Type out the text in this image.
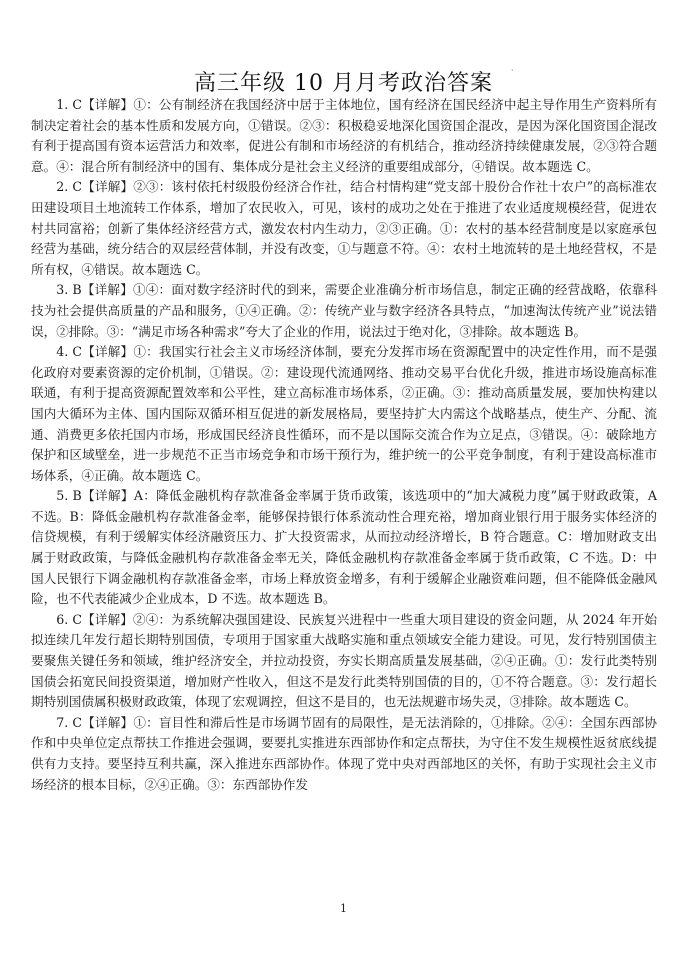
高三年级 10 月月考政治答案
·

1. C【详解】①：公有制经济在我国经济中居于主体地位，国有经济在国民经济中起主导作用生产资料所有制决定着社会的基本性质和发展方向，①错误。②③：积极稳妥地深化国资国企混改，是因为深化国资国企混改有利于提高国有资本运营活力和效率，促进公有制和市场经济的有机结合，推动经济持续健康发展，②③符合题意。④：混合所有制经济中的国有、集体成分是社会主义经济的重要组成部分，④错误。故本题选 C。

2. C【详解】②③：该村依托村级股份经济合作社，结合村情构建“党支部十股份合作社十农户”的高标准农田建设项目土地流转工作体系，增加了农民收入，可见，该村的成功之处在于推进了农业适度规模经营，促进农村共同富裕；创新了集体经济经营方式，激发农村内生动力，②③正确。①：农村的基本经营制度是以家庭承包经营为基础，统分结合的双层经营体制，并没有改变，①与题意不符。④：农村土地流转的是土地经营权，不是所有权，④错误。故本题选 C。

3. B【详解】①④：面对数字经济时代的到来，需要企业准确分析市场信息，制定正确的经营战略，依靠科技为社会提供高质量的产品和服务，①④正确。②：传统产业与数字经济各具特点，“加速淘汰传统产业”说法错误，②排除。③：“满足市场各种需求”夸大了企业的作用，说法过于绝对化，③排除。故本题选 B。

4. C【详解】①：我国实行社会主义市场经济体制，要充分发挥市场在资源配置中的决定性作用，而不是强化政府对要素资源的定价机制，①错误。②：建设现代流通网络、推动交易平台优化升级，推进市场设施高标准联通，有利于提高资源配置效率和公平性，建立高标准市场体系，②正确。③：推动高质量发展，要加快构建以国内大循环为主体、国内国际双循环相互促进的新发展格局，要坚持扩大内需这个战略基点，使生产、分配、流通、消费更多依托国内市场，形成国民经济良性循环，而不是以国际交流合作为立足点，③错误。④：破除地方保护和区域壁垒，进一步规范不正当市场竞争和市场干预行为，维护统一的公平竞争制度，有利于建设高标准市场体系，④正确。故本题选 C。

5. B【详解】A：降低金融机构存款准备金率属于货币政策，该选项中的“加大减税力度”属于财政政策，A 不选。B：降低金融机构存款准备金率，能够保持银行体系流动性合理充裕，增加商业银行用于服务实体经济的信贷规模，有利于缓解实体经济融资压力、扩大投资需求，从而拉动经济增长，B 符合题意。C：增加财政支出属于财政政策，与降低金融机构存款准备金率无关，降低金融机构存款准备金率属于货币政策，C 不选。D：中国人民银行下调金融机构存款准备金率，市场上释放资金增多，有利于缓解企业融资难问题，但不能降低金融风险，也不代表能减少企业成本，D 不选。故本题选 B。

6. C【详解】②④：为系统解决强国建设、民族复兴进程中一些重大项目建设的资金问题，从 2024 年开始拟连续几年发行超长期特别国债，专项用于国家重大战略实施和重点领域安全能力建设。可见，发行特别国债主要聚焦关键任务和领域，维护经济安全，并拉动投资，夯实长期高质量发展基础，②④正确。①：发行此类特别国债会拓宽民间投资渠道，增加财产性收入，但这不是发行此类特别国债的目的，①不符合题意。③：发行超长期特别国债属积极财政政策，体现了宏观调控，但这不是目的，也无法规避市场失灵，③排除。故本题选 C。

7. C【详解】①：盲目性和滞后性是市场调节固有的局限性，是无法消除的，①排除。②④：全国东西部协作和中央单位定点帮扶工作推进会强调，要要扎实推进东西部协作和定点帮扶，为守住不发生规模性返贫底线提供有力支持。要坚持互利共赢，深入推进东西部协作。体现了党中央对西部地区的关怀，有助于实现社会主义市场经济的根本目标，②④正确。③：东西部协作发

1
